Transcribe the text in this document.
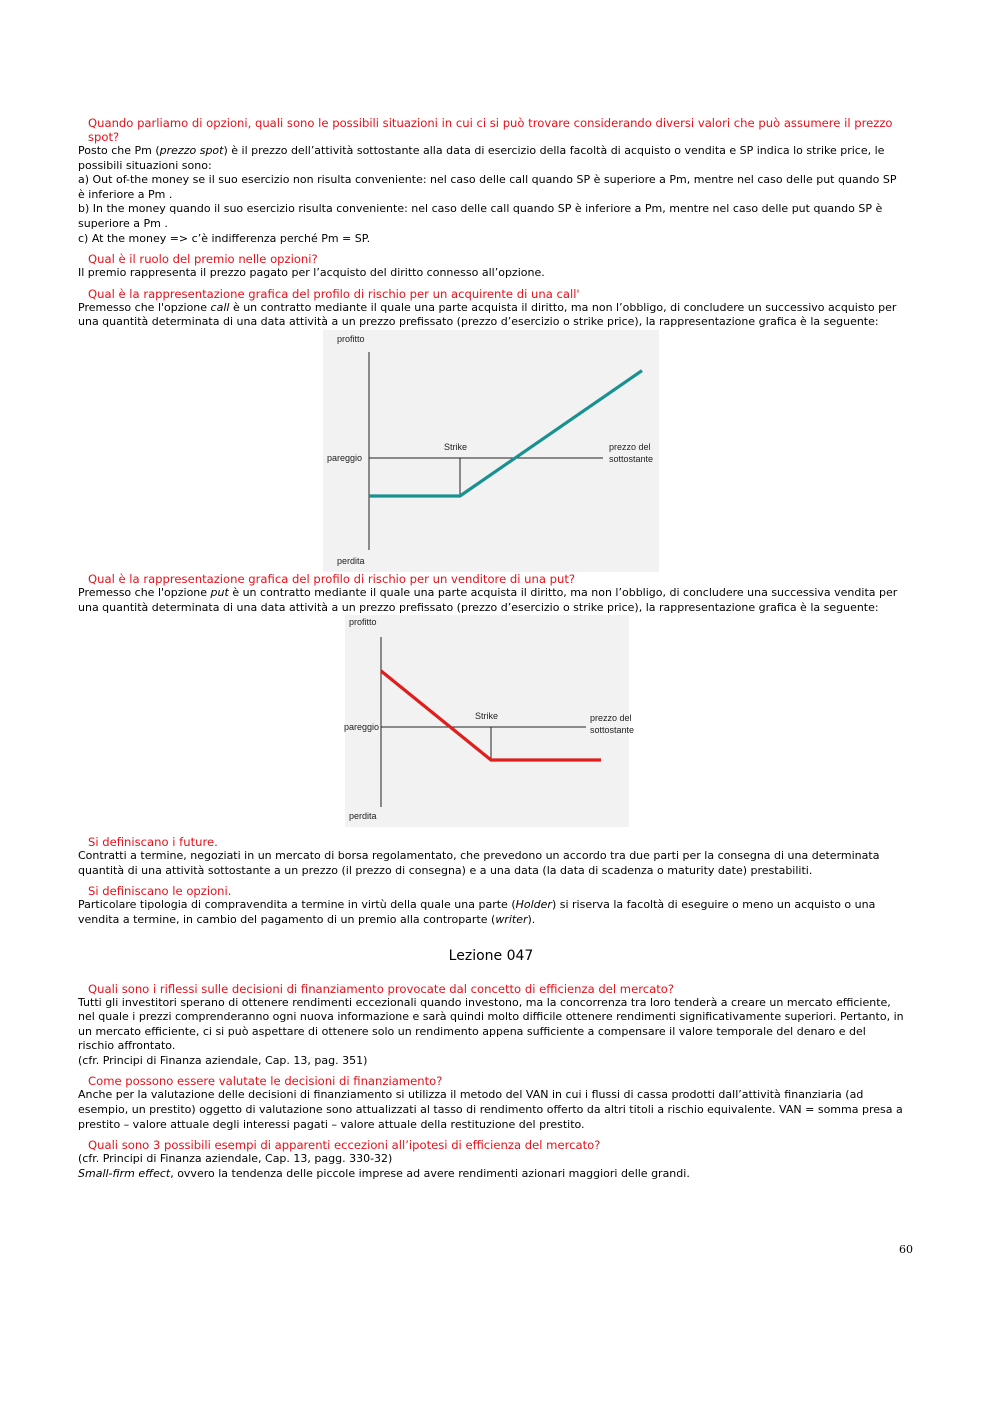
Quando parliamo di opzioni, quali sono le possibili situazioni in cui ci si può trovare considerando diversi valori che può assumere il prezzo spot?

Posto che Pm (prezzo spot) è il prezzo dell’attività sottostante alla data di esercizio della facoltà di acquisto o vendita e SP indica lo strike price, le possibili situazioni sono:

a) Out of-the money se il suo esercizio non risulta conveniente: nel caso delle call quando SP è superiore a Pm, mentre nel caso delle put quando SP è inferiore a Pm .

b) In the money quando il suo esercizio risulta conveniente: nel caso delle call quando SP è inferiore a Pm, mentre nel caso delle put quando SP è superiore a Pm .

c) At the money => c’è indifferenza perché Pm = SP.

Qual è il ruolo del premio nelle opzioni?

Il premio rappresenta il prezzo pagato per l’acquisto del diritto connesso all’opzione.

Qual è la rappresentazione grafica del profilo di rischio per un acquirente di una call'

Premesso che l'opzione call è un contratto mediante il quale una parte acquista il diritto, ma non l’obbligo, di concludere un successivo acquisto per una quantità determinata di una data attività a un prezzo prefissato (prezzo d’esercizio o strike price), la rappresentazione grafica è la seguente:

profitto
perdita
pareggio
Strike	prezzo del sottostante

Qual è la rappresentazione grafica del profilo di rischio per un venditore di una put?

Premesso che l'opzione put è un contratto mediante il quale una parte acquista il diritto, ma non l’obbligo, di concludere una successiva vendita per una quantità determinata di una data attività a un prezzo prefissato (prezzo d’esercizio o strike price), la rappresentazione grafica è la seguente:

profitto
perdita
pareggio
Strike	prezzo del sottostante

Si definiscano i future.

Contratti a termine, negoziati in un mercato di borsa regolamentato, che prevedono un accordo tra due parti per la consegna di una determinata quantità di una attività sottostante a un prezzo (il prezzo di consegna) e a una data (la data di scadenza o maturity date) prestabiliti.

Si definiscano le opzioni.

Particolare tipologia di compravendita a termine in virtù della quale una parte (Holder) si riserva la facoltà di eseguire o meno un acquisto o una vendita a termine, in cambio del pagamento di un premio alla controparte (writer).

Lezione 047

Quali sono i riflessi sulle decisioni di finanziamento provocate dal concetto di efficienza del mercato?

Tutti gli investitori sperano di ottenere rendimenti eccezionali quando investono, ma la concorrenza tra loro tenderà a creare un mercato efficiente, nel quale i prezzi comprenderanno ogni nuova informazione e sarà quindi molto difficile ottenere rendimenti significativamente superiori. Pertanto, in un mercato efficiente, ci si può aspettare di ottenere solo un rendimento appena sufficiente a compensare il valore temporale del denaro e del rischio affrontato.

(cfr. Principi di Finanza aziendale, Cap. 13, pag. 351)

Come possono essere valutate le decisioni di finanziamento?

Anche per la valutazione delle decisioni di finanziamento si utilizza il metodo del VAN in cui i flussi di cassa prodotti dall’attività finanziaria (ad esempio, un prestito) oggetto di valutazione sono attualizzati al tasso di rendimento offerto da altri titoli a rischio equivalente. VAN = somma presa a prestito – valore attuale degli interessi pagati – valore attuale della restituzione del prestito.

Quali sono 3 possibili esempi di apparenti eccezioni all’ipotesi di efficienza del mercato?

(cfr. Principi di Finanza aziendale, Cap. 13, pagg. 330-32)

Small-firm effect, ovvero la tendenza delle piccole imprese ad avere rendimenti azionari maggiori delle grandi.

60
